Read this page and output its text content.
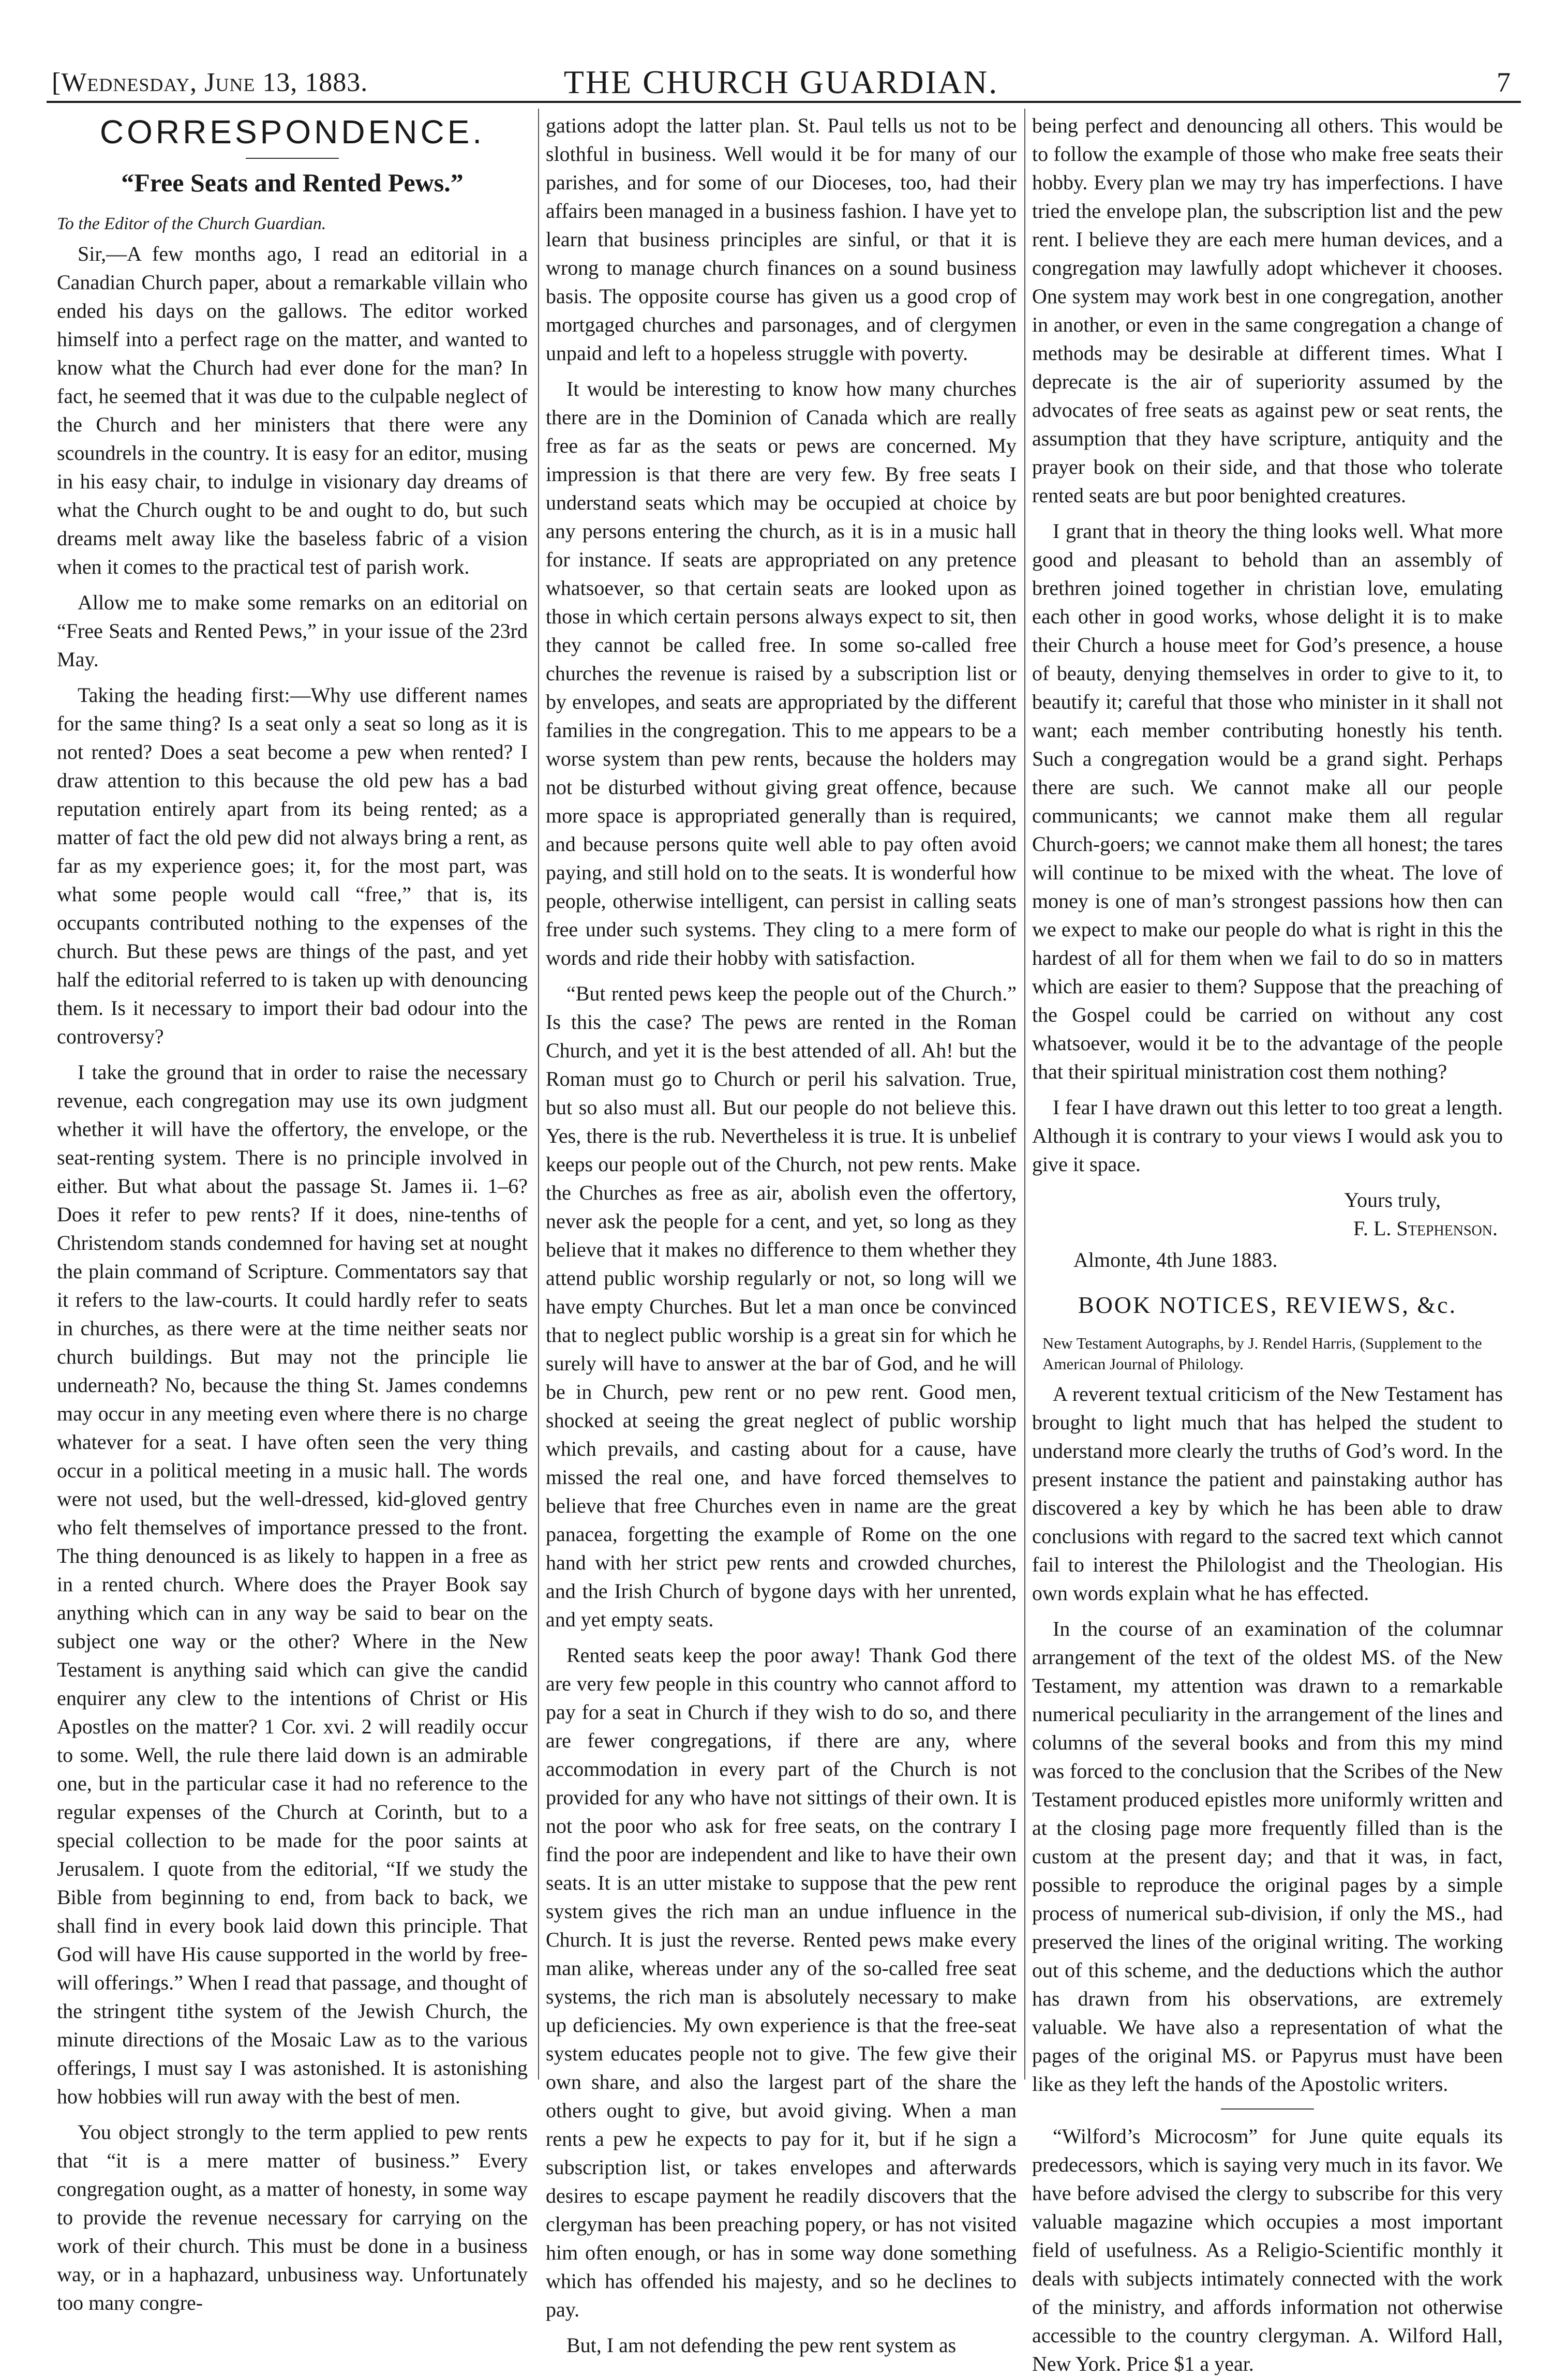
[Wednesday, June 13, 1883.	THE CHURCH GUARDIAN.	7
CORRESPONDENCE.
“Free Seats and Rented Pews.”
To the Editor of the Church Guardian.

Sir,—A few months ago, I read an editorial in a Canadian Church paper, about a remarkable villain who ended his days on the gallows. The editor worked himself into a perfect rage on the matter, and wanted to know what the Church had ever done for the man? In fact, he seemed that it was due to the culpable neglect of the Church and her ministers that there were any scoundrels in the country. It is easy for an editor, musing in his easy chair, to indulge in visionary day dreams of what the Church ought to be and ought to do, but such dreams melt away like the baseless fabric of a vision when it comes to the practical test of parish work.

Allow me to make some remarks on an editorial on “Free Seats and Rented Pews,” in your issue of the 23rd May.

Taking the heading first:—Why use different names for the same thing? Is a seat only a seat so long as it is not rented? Does a seat become a pew when rented? I draw attention to this because the old pew has a bad reputation entirely apart from its being rented; as a matter of fact the old pew did not always bring a rent, as far as my experience goes; it, for the most part, was what some people would call “free,” that is, its occupants contributed nothing to the expenses of the church. But these pews are things of the past, and yet half the editorial referred to is taken up with denouncing them. Is it necessary to import their bad odour into the controversy?

I take the ground that in order to raise the necessary revenue, each congregation may use its own judgment whether it will have the offertory, the envelope, or the seat-renting system. There is no principle involved in either. But what about the passage St. James ii. 1–6? Does it refer to pew rents? If it does, nine-tenths of Christendom stands condemned for having set at nought the plain command of Scripture. Commentators say that it refers to the law-courts. It could hardly refer to seats in churches, as there were at the time neither seats nor church buildings. But may not the principle lie underneath? No, because the thing St. James condemns may occur in any meeting even where there is no charge whatever for a seat. I have often seen the very thing occur in a political meeting in a music hall. The words were not used, but the well-dressed, kid-gloved gentry who felt themselves of importance pressed to the front. The thing denounced is as likely to happen in a free as in a rented church. Where does the Prayer Book say anything which can in any way be said to bear on the subject one way or the other? Where in the New Testament is anything said which can give the candid enquirer any clew to the intentions of Christ or His Apostles on the matter? 1 Cor. xvi. 2 will readily occur to some. Well, the rule there laid down is an admirable one, but in the particular case it had no reference to the regular expenses of the Church at Corinth, but to a special collection to be made for the poor saints at Jerusalem. I quote from the editorial, “If we study the Bible from beginning to end, from back to back, we shall find in every book laid down this principle. That God will have His cause supported in the world by free-will offerings.” When I read that passage, and thought of the stringent tithe system of the Jewish Church, the minute directions of the Mosaic Law as to the various offerings, I must say I was astonished. It is astonishing how hobbies will run away with the best of men.

You object strongly to the term applied to pew rents that “it is a mere matter of business.” Every congregation ought, as a matter of honesty, in some way to provide the revenue necessary for carrying on the work of their church. This must be done in a business way, or in a haphazard, unbusiness way. Unfortunately too many congre-

gations adopt the latter plan. St. Paul tells us not to be slothful in business. Well would it be for many of our parishes, and for some of our Dioceses, too, had their affairs been managed in a business fashion. I have yet to learn that business principles are sinful, or that it is wrong to manage church finances on a sound business basis. The opposite course has given us a good crop of mortgaged churches and parsonages, and of clergymen unpaid and left to a hopeless struggle with poverty.

It would be interesting to know how many churches there are in the Dominion of Canada which are really free as far as the seats or pews are concerned. My impression is that there are very few. By free seats I understand seats which may be occupied at choice by any persons entering the church, as it is in a music hall for instance. If seats are appropriated on any pretence whatsoever, so that certain seats are looked upon as those in which certain persons always expect to sit, then they cannot be called free. In some so-called free churches the revenue is raised by a subscription list or by envelopes, and seats are appropriated by the different families in the congregation. This to me appears to be a worse system than pew rents, because the holders may not be disturbed without giving great offence, because more space is appropriated generally than is required, and because persons quite well able to pay often avoid paying, and still hold on to the seats. It is wonderful how people, otherwise intelligent, can persist in calling seats free under such systems. They cling to a mere form of words and ride their hobby with satisfaction.

“But rented pews keep the people out of the Church.” Is this the case? The pews are rented in the Roman Church, and yet it is the best attended of all. Ah! but the Roman must go to Church or peril his salvation. True, but so also must all. But our people do not believe this. Yes, there is the rub. Nevertheless it is true. It is unbelief keeps our people out of the Church, not pew rents. Make the Churches as free as air, abolish even the offertory, never ask the people for a cent, and yet, so long as they believe that it makes no difference to them whether they attend public worship regularly or not, so long will we have empty Churches. But let a man once be convinced that to neglect public worship is a great sin for which he surely will have to answer at the bar of God, and he will be in Church, pew rent or no pew rent. Good men, shocked at seeing the great neglect of public worship which prevails, and casting about for a cause, have missed the real one, and have forced themselves to believe that free Churches even in name are the great panacea, forgetting the example of Rome on the one hand with her strict pew rents and crowded churches, and the Irish Church of bygone days with her unrented, and yet empty seats.

Rented seats keep the poor away! Thank God there are very few people in this country who cannot afford to pay for a seat in Church if they wish to do so, and there are fewer congregations, if there are any, where accommodation in every part of the Church is not provided for any who have not sittings of their own. It is not the poor who ask for free seats, on the contrary I find the poor are independent and like to have their own seats. It is an utter mistake to suppose that the pew rent system gives the rich man an undue influence in the Church. It is just the reverse. Rented pews make every man alike, whereas under any of the so-called free seat systems, the rich man is absolutely necessary to make up deficiencies. My own experience is that the free-seat system educates people not to give. The few give their own share, and also the largest part of the share the others ought to give, but avoid giving. When a man rents a pew he expects to pay for it, but if he sign a subscription list, or takes envelopes and afterwards desires to escape payment he readily discovers that the clergyman has been preaching popery, or has not visited him often enough, or has in some way done something which has offended his majesty, and so he declines to pay.

But, I am not defending the pew rent system as

being perfect and denouncing all others. This would be to follow the example of those who make free seats their hobby. Every plan we may try has imperfections. I have tried the envelope plan, the subscription list and the pew rent. I believe they are each mere human devices, and a congregation may lawfully adopt whichever it chooses. One system may work best in one congregation, another in another, or even in the same congregation a change of methods may be desirable at different times. What I deprecate is the air of superiority assumed by the advocates of free seats as against pew or seat rents, the assumption that they have scripture, antiquity and the prayer book on their side, and that those who tolerate rented seats are but poor benighted creatures.

I grant that in theory the thing looks well. What more good and pleasant to behold than an assembly of brethren joined together in christian love, emulating each other in good works, whose delight it is to make their Church a house meet for God’s presence, a house of beauty, denying themselves in order to give to it, to beautify it; careful that those who minister in it shall not want; each member contributing honestly his tenth. Such a congregation would be a grand sight. Perhaps there are such. We cannot make all our people communicants; we cannot make them all regular Church-goers; we cannot make them all honest; the tares will continue to be mixed with the wheat. The love of money is one of man’s strongest passions how then can we expect to make our people do what is right in this the hardest of all for them when we fail to do so in matters which are easier to them? Suppose that the preaching of the Gospel could be carried on without any cost whatsoever, would it be to the advantage of the people that their spiritual ministration cost them nothing?

I fear I have drawn out this letter to too great a length. Although it is contrary to your views I would ask you to give it space.

Yours truly,

F. L. Stephenson.

Almonte, 4th June 1883.

BOOK NOTICES, REVIEWS, &c.

New Testament Autographs, by J. Rendel Harris, (Supplement to the American Journal of Philology.

A reverent textual criticism of the New Testament has brought to light much that has helped the student to understand more clearly the truths of God’s word. In the present instance the patient and painstaking author has discovered a key by which he has been able to draw conclusions with regard to the sacred text which cannot fail to interest the Philologist and the Theologian. His own words explain what he has effected.

In the course of an examination of the columnar arrangement of the text of the oldest MS. of the New Testament, my attention was drawn to a remarkable numerical peculiarity in the arrangement of the lines and columns of the several books and from this my mind was forced to the conclusion that the Scribes of the New Testament produced epistles more uniformly written and at the closing page more frequently filled than is the custom at the present day; and that it was, in fact, possible to reproduce the original pages by a simple process of numerical sub-division, if only the MS., had preserved the lines of the original writing. The working out of this scheme, and the deductions which the author has drawn from his observations, are extremely valuable. We have also a representation of what the pages of the original MS. or Papyrus must have been like as they left the hands of the Apostolic writers.

“Wilford’s Microcosm” for June quite equals its predecessors, which is saying very much in its favor. We have before advised the clergy to subscribe for this very valuable magazine which occupies a most important field of usefulness. As a Religio-Scientific monthly it deals with subjects intimately connected with the work of the ministry, and affords information not otherwise accessible to the country clergyman. A. Wilford Hall, New York. Price $1 a year.
